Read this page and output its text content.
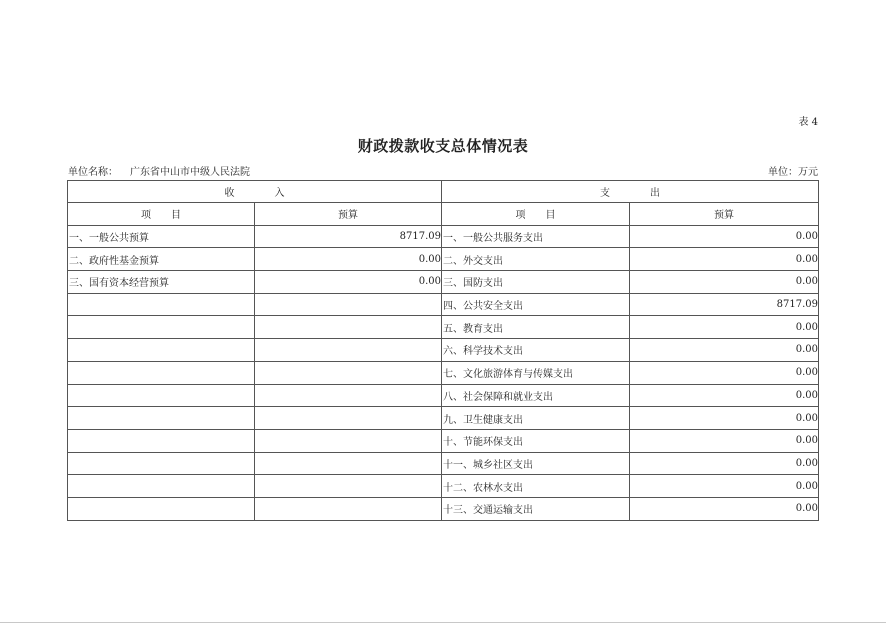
表 4
财政拨款收支总体情况表
单位名称： 广东省中山市中级人民法院	单位：万元
收　　　　入		支　　　　出	
项　　目	预算	项　　目	预算
一、一般公共预算	8717.09	一、一般公共服务支出	0.00
二、政府性基金预算	0.00	二、外交支出	0.00
三、国有资本经营预算	0.00	三、国防支出	0.00
		四、公共安全支出	8717.09
		五、教育支出	0.00
		六、科学技术支出	0.00
		七、文化旅游体育与传媒支出	0.00
		八、社会保障和就业支出	0.00
		九、卫生健康支出	0.00
		十、节能环保支出	0.00
		十一、城乡社区支出	0.00
		十二、农林水支出	0.00
		十三、交通运输支出	0.00
